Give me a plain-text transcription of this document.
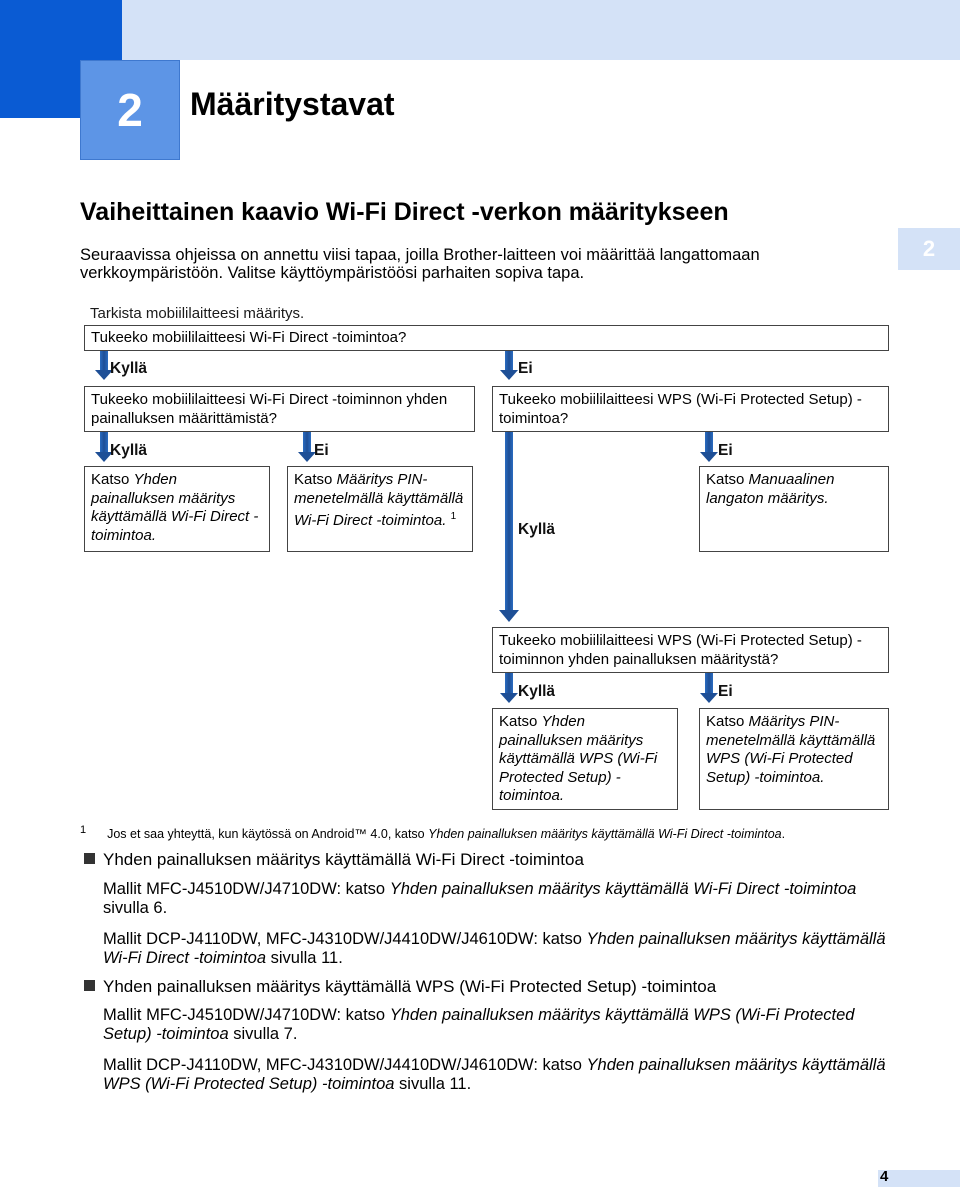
2	Määritystavat
2
Vaiheittainen kaavio Wi-Fi Direct -verkon määritykseen
Seuraavissa ohjeissa on annettu viisi tapaa, joilla Brother-laitteen voi määrittää langattomaan verkkoympäristöön. Valitse käyttöympäristöösi parhaiten sopiva tapa.
Tarkista mobiililaitteesi määritys.
Tukeeko mobiililaitteesi Wi-Fi Direct -toimintoa?
Kyllä	Ei
Tukeeko mobiililaitteesi Wi-Fi Direct -toiminnon yhden painalluksen määrittämistä?
Tukeeko mobiililaitteesi WPS (Wi-Fi Protected Setup) -toimintoa?
Kyllä	Ei	Ei
Katso Yhden painalluksen määritys käyttämällä Wi-Fi Direct -toimintoa.
Katso Määritys PIN-menetelmällä käyttämällä Wi-Fi Direct -toimintoa. $^1$
Katso Manuaalinen langaton määritys.
Kyllä
Tukeeko mobiililaitteesi WPS (Wi-Fi Protected Setup) -toiminnon yhden painalluksen määritystä?
Kyllä	Ei
Katso Yhden painalluksen määritys käyttämällä WPS (Wi-Fi Protected Setup) -toimintoa.
Katso Määritys PIN-menetelmällä käyttämällä WPS (Wi-Fi Protected Setup) -toimintoa.
$^1$ Jos et saa yhteyttä, kun käytössä on Android™ 4.0, katso Yhden painalluksen määritys käyttämällä Wi-Fi Direct -toimintoa.
Yhden painalluksen määritys käyttämällä Wi-Fi Direct -toimintoa
Mallit MFC-J4510DW/J4710DW: katso Yhden painalluksen määritys käyttämällä Wi-Fi Direct -toimintoa sivulla 6.
Mallit DCP-J4110DW, MFC-J4310DW/J4410DW/J4610DW: katso Yhden painalluksen määritys käyttämällä Wi-Fi Direct -toimintoa sivulla 11.
Yhden painalluksen määritys käyttämällä WPS (Wi-Fi Protected Setup) -toimintoa
Mallit MFC-J4510DW/J4710DW: katso Yhden painalluksen määritys käyttämällä WPS (Wi-Fi Protected Setup) -toimintoa sivulla 7.
Mallit DCP-J4110DW, MFC-J4310DW/J4410DW/J4610DW: katso Yhden painalluksen määritys käyttämällä WPS (Wi-Fi Protected Setup) -toimintoa sivulla 11.
4
